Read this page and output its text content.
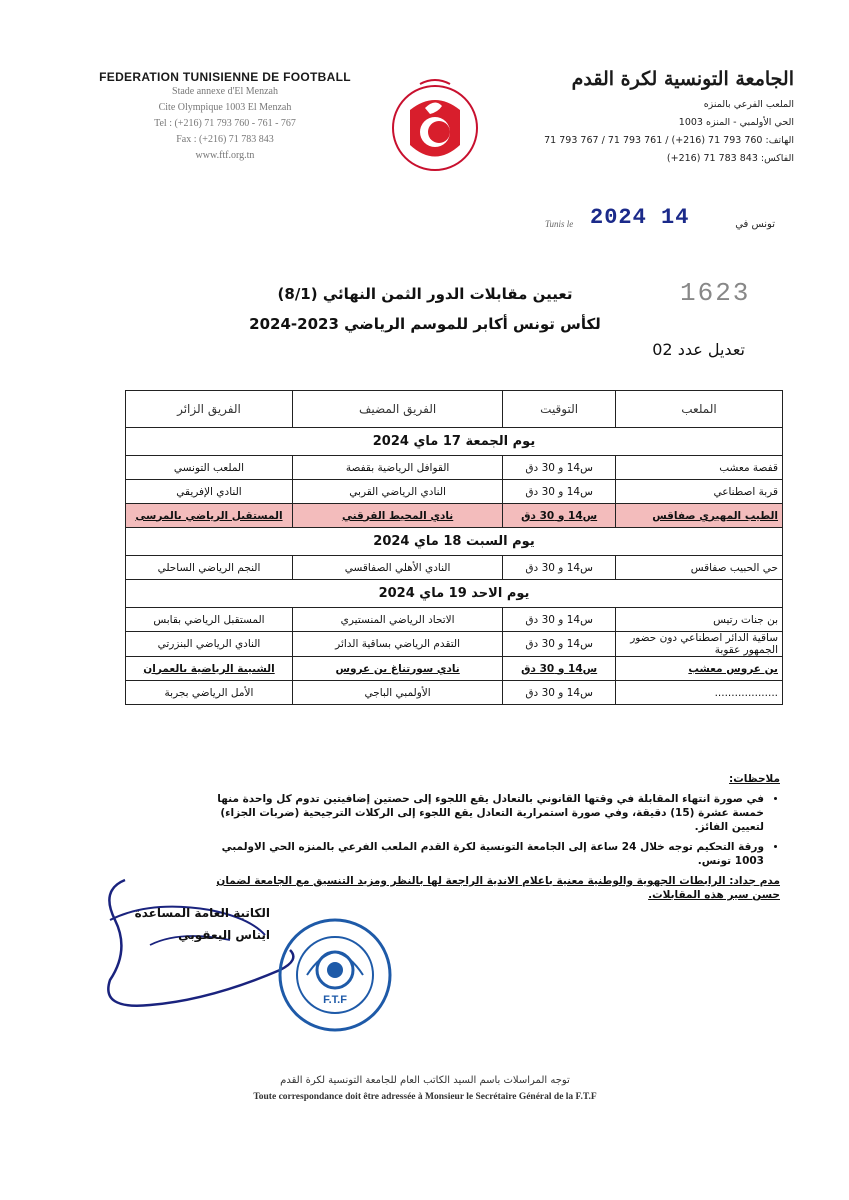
FEDERATION TUNISIENNE DE FOOTBALL
Stade annexe d'El Menzah
Cite Olympique 1003 El Menzah
Tel : (+216) 71 793 760 - 761 - 767
Fax : (+216) 71 783 843
www.ftf.org.tn
الجامعة التونسية لكرة القدم
الملعب الفرعي بالمنزه
الحي الأولمبي - المنزه 1003
الهاتف: 760 793 71 (216+) / 761 793 71 / 767 793 71
الفاكس: 843 783 71 (216+)
Tunis le 2024 14	تونس في
1623
تعيين مقابلات الدور الثمن النهائي (8/1)
لكأس تونس أكابر للموسم الرياضي 2023-2024
تعديل عدد 02
الفريق الزائر	الفريق المضيف	التوقيت	الملعب
يوم الجمعة 17 ماي 2024			
الملعب التونسي	القوافل الرياضية بقفصة	س14 و 30 دق	قفصة معشب
النادي الإفريقي	النادي الرياضي القربي	س14 و 30 دق	قربة اصطناعي
المستقبل الرياضي بالمرسى	نادي المحيط القرقني	س14 و 30 دق	الطيب المهيري صفاقس
يوم السبت 18 ماي 2024			
النجم الرياضي الساحلي	النادي الأهلي الصفاقسي	س14 و 30 دق	حي الحبيب صفاقس
يوم الاحد 19 ماي 2024			
المستقبل الرياضي بقابس	الاتحاد الرياضي المنستيري	س14 و 30 دق	بن جنات رتيس
النادي الرياضي البنزرتي	التقدم الرياضي بساقية الدائر	س14 و 30 دق	ساقية الدائر اصطناعي دون حضور الجمهور عقوبة
الشبيبة الرياضية بالعمران	نادي سورتناغ بن عروس	س14 و 30 دق	بن عروس معشب
الأمل الرياضي بجربة	الأولمبي الباجي	س14 و 30 دق	...................
ملاحظات:
• في صورة انتهاء المقابلة في وقتها القانوني بالتعادل يقع اللجوء إلى حصتين إضافيتين تدوم كل واحدة منها خمسة عشرة (15) دقيقة، وفي صورة استمرارية التعادل يقع اللجوء إلى الركلات الترجيحية (ضربات الجزاء) لتعيين الفائز.
• ورقة التحكيم توجه خلال 24 ساعة إلى الجامعة التونسية لكرة القدم الملعب الفرعي بالمنزه الحي الاولمبي 1003 تونس.
مدم جداد: الرابطات الجهوية والوطنية معنية باعلام الاندية الراجعة لها بالنظر ومزيد التنسيق مع الجامعة لضمان حسن سير هذه المقابلات.
الكاتبة العامة المساعدة
ايناس اليعقوبي
F.T.F
توجه المراسلات باسم السيد الكاتب العام للجامعة التونسية لكرة القدم
Toute correspondance doit être adressée à Monsieur le Secrétaire Général de la F.T.F
